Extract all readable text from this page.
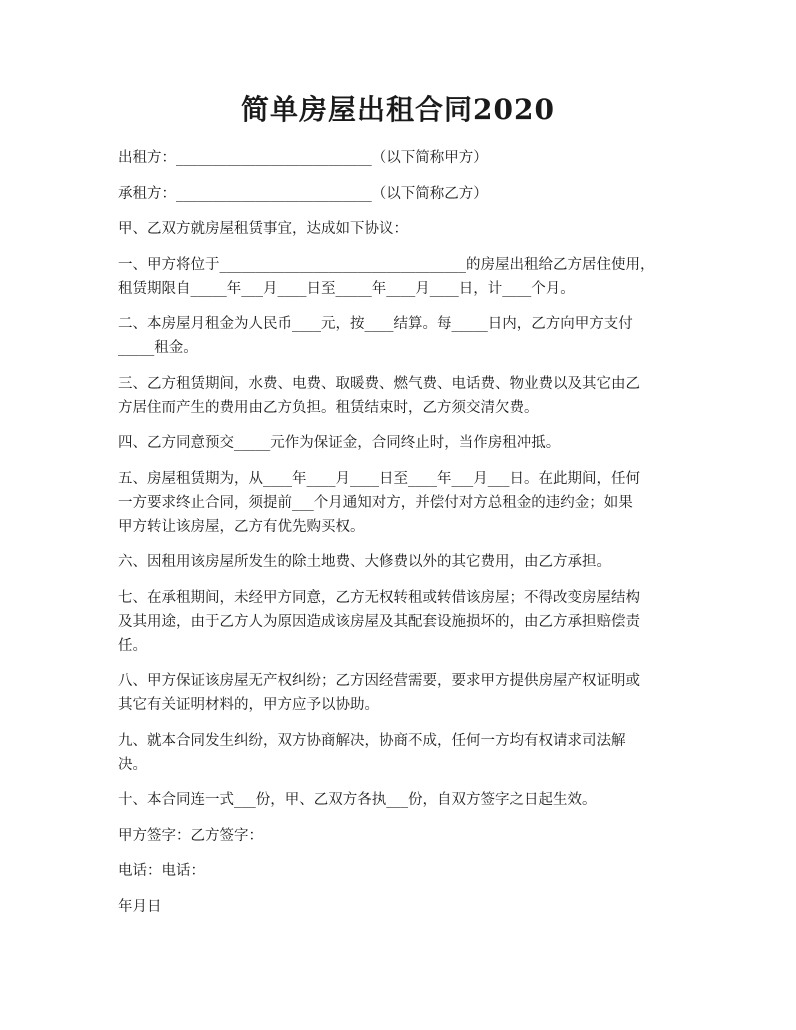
简单房屋出租合同2020

出租方：___________________________（以下简称甲方）

承租方：___________________________（以下简称乙方）

甲、乙双方就房屋租赁事宜，达成如下协议：

一、甲方将位于__________________________________的房屋出租给乙方居住使用，
租赁期限自_____年___月____日至_____年____月____日，计____个月。

二、本房屋月租金为人民币____元，按____结算。每_____日内，乙方向甲方支付
_____租金。

三、乙方租赁期间，水费、电费、取暖费、燃气费、电话费、物业费以及其它由乙
方居住而产生的费用由乙方负担。租赁结束时，乙方须交清欠费。

四、乙方同意预交_____元作为保证金，合同终止时，当作房租冲抵。

五、房屋租赁期为，从____年____月____日至____年___月___日。在此期间，任何
一方要求终止合同，须提前___个月通知对方，并偿付对方总租金的违约金；如果
甲方转让该房屋，乙方有优先购买权。

六、因租用该房屋所发生的除土地费、大修费以外的其它费用，由乙方承担。

七、在承租期间，未经甲方同意，乙方无权转租或转借该房屋；不得改变房屋结构
及其用途，由于乙方人为原因造成该房屋及其配套设施损坏的，由乙方承担赔偿责
任。

八、甲方保证该房屋无产权纠纷；乙方因经营需要，要求甲方提供房屋产权证明或
其它有关证明材料的，甲方应予以协助。

九、就本合同发生纠纷，双方协商解决，协商不成，任何一方均有权请求司法解
决。

十、本合同连一式___份，甲、乙双方各执___份，自双方签字之日起生效。

甲方签字：乙方签字：

电话：电话：

年月日
